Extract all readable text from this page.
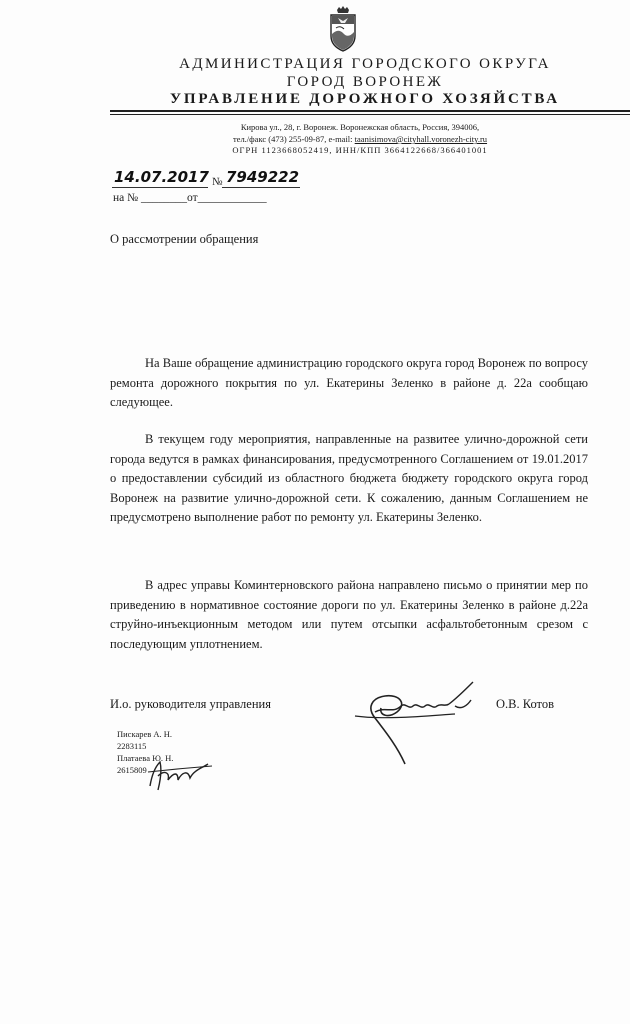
АДМИНИСТРАЦИЯ ГОРОДСКОГО ОКРУГА
ГОРОД ВОРОНЕЖ
УПРАВЛЕНИЕ ДОРОЖНОГО ХОЗЯЙСТВА
Кирова ул., 28, г. Воронеж. Воронежская область, Россия, 394006,
тел./факс (473) 255-09-87, e-mail: taanisimova@cityhall.voronezh-city.ru
ОГРН 1123668052419, ИНН/КПП 3664122668/366401001
14.07.2017 № 7949222
на № ________от____________
О рассмотрении обращения

На Ваше обращение администрацию городского округа город Воронеж по вопросу ремонта дорожного покрытия по ул. Екатерины Зеленко в районе д. 22а сообщаю следующее.

В текущем году мероприятия, направленные на развитее улично-дорожной сети города ведутся в рамках финансирования, предусмотренного Соглашением от 19.01.2017 о предоставлении субсидий из областного бюджета бюджету городского округа город Воронеж на развитие улично-дорожной сети. К сожалению, данным Соглашением не предусмотрено выполнение работ по ремонту ул. Екатерины Зеленко.

В адрес управы Коминтерновского района направлено письмо о принятии мер по приведению в нормативное состояние дороги по ул. Екатерины Зеленко в районе д.22а струйно-инъекционным методом или путем отсыпки асфальтобетонным срезом с последующим уплотнением.

И.о. руководителя управления	О.В. Котов
Пискарев А. Н.
2283115
Платаева Ю. Н.
2615809
